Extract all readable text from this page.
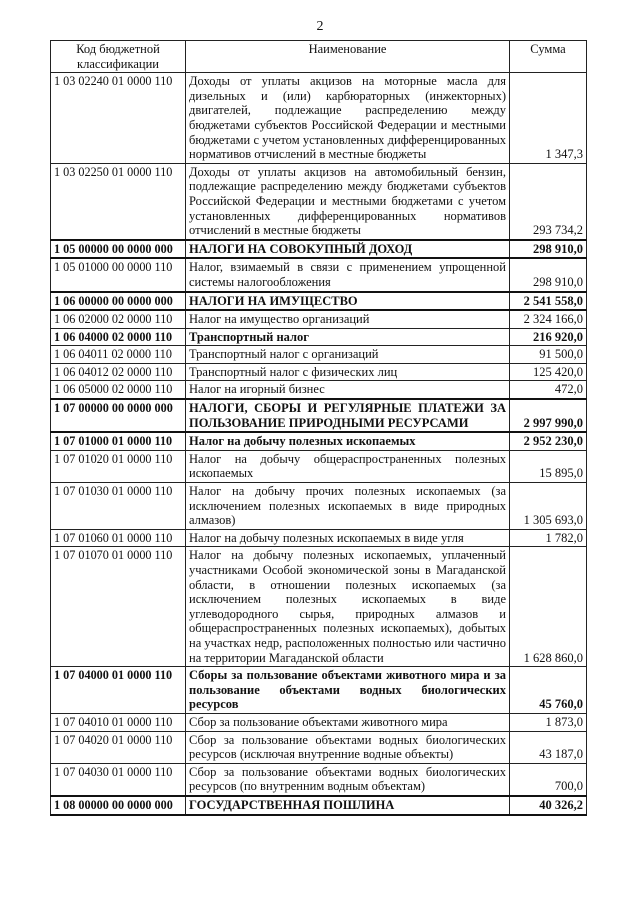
2
Код бюджетной классификации	Наименование	Сумма
1 03 02240 01 0000 110	Доходы от уплаты акцизов на моторные масла для дизельных и (или) карбюраторных (инжекторных) двигателей, подлежащие распределению между бюджетами субъектов Российской Федерации и местными бюджетами с учетом установленных дифференцированных нормативов отчислений в местные бюджеты	1 347,3
1 03 02250 01 0000 110	Доходы от уплаты акцизов на автомобильный бензин, подлежащие распределению между бюджетами субъектов Российской Федерации и местными бюджетами с учетом установленных дифференцированных нормативов отчислений в местные бюджеты	293 734,2
1 05 00000 00 0000 000	НАЛОГИ НА СОВОКУПНЫЙ ДОХОД	298 910,0
1 05 01000 00 0000 110	Налог, взимаемый в связи с применением упрощенной системы налогообложения	298 910,0
1 06 00000 00 0000 000	НАЛОГИ НА ИМУЩЕСТВО	2 541 558,0
1 06 02000 02 0000 110	Налог на имущество организаций	2 324 166,0
1 06 04000 02 0000 110	Транспортный налог	216 920,0
1 06 04011 02 0000 110	Транспортный налог с организаций	91 500,0
1 06 04012 02 0000 110	Транспортный налог с физических лиц	125 420,0
1 06 05000 02 0000 110	Налог на игорный бизнес	472,0
1 07 00000 00 0000 000	НАЛОГИ, СБОРЫ И РЕГУЛЯРНЫЕ ПЛАТЕЖИ ЗА ПОЛЬЗОВАНИЕ ПРИРОДНЫМИ РЕСУРСАМИ	2 997 990,0
1 07 01000 01 0000 110	Налог на добычу полезных ископаемых	2 952 230,0
1 07 01020 01 0000 110	Налог на добычу общераспространенных полезных ископаемых	15 895,0
1 07 01030 01 0000 110	Налог на добычу прочих полезных ископаемых (за исключением полезных ископаемых в виде природных алмазов)	1 305 693,0
1 07 01060 01 0000 110	Налог на добычу полезных ископаемых в виде угля	1 782,0
1 07 01070 01 0000 110	Налог на добычу полезных ископаемых, уплаченный участниками Особой экономической зоны в Магаданской области, в отношении полезных ископаемых (за исключением полезных ископаемых в виде углеводородного сырья, природных алмазов и общераспространенных полезных ископаемых), добытых на участках недр, расположенных полностью или частично на территории Магаданской области	1 628 860,0
1 07 04000 01 0000 110	Сборы за пользование объектами животного мира и за пользование объектами водных биологических ресурсов	45 760,0
1 07 04010 01 0000 110	Сбор за пользование объектами животного мира	1 873,0
1 07 04020 01 0000 110	Сбор за пользование объектами водных биологических ресурсов (исключая внутренние водные объекты)	43 187,0
1 07 04030 01 0000 110	Сбор за пользование объектами водных биологических ресурсов (по внутренним водным объектам)	700,0
1 08 00000 00 0000 000	ГОСУДАРСТВЕННАЯ ПОШЛИНА	40 326,2
